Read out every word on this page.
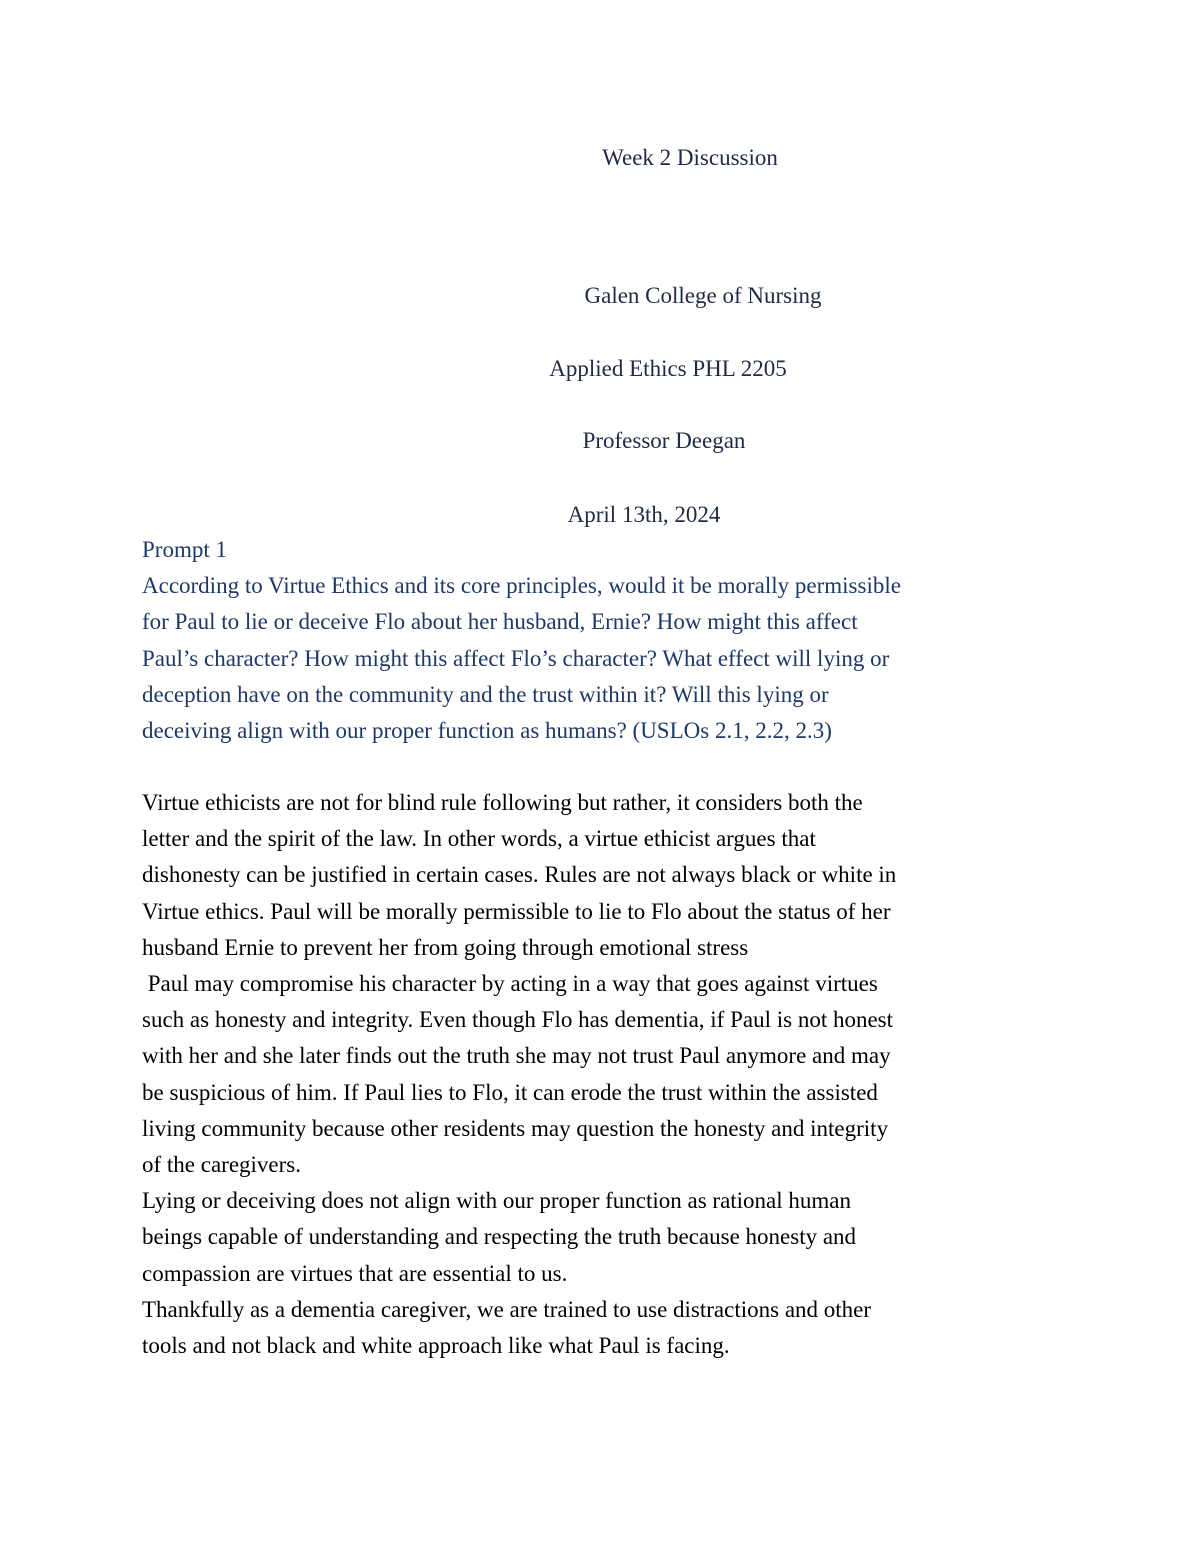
Week 2 Discussion
Galen College of Nursing
Applied Ethics PHL 2205
Professor Deegan
April 13th, 2024
Prompt 1
According to Virtue Ethics and its core principles, would it be morally permissible
for Paul to lie or deceive Flo about her husband, Ernie? How might this affect
Paul’s character? How might this affect Flo’s character? What effect will lying or
deception have on the community and the trust within it? Will this lying or
deceiving align with our proper function as humans? (USLOs 2.1, 2.2, 2.3)
Virtue ethicists are not for blind rule following but rather, it considers both the
letter and the spirit of the law. In other words, a virtue ethicist argues that
dishonesty can be justified in certain cases. Rules are not always black or white in
Virtue ethics. Paul will be morally permissible to lie to Flo about the status of her
husband Ernie to prevent her from going through emotional stress
Paul may compromise his character by acting in a way that goes against virtues
such as honesty and integrity. Even though Flo has dementia, if Paul is not honest
with her and she later finds out the truth she may not trust Paul anymore and may
be suspicious of him. If Paul lies to Flo, it can erode the trust within the assisted
living community because other residents may question the honesty and integrity
of the caregivers.
Lying or deceiving does not align with our proper function as rational human
beings capable of understanding and respecting the truth because honesty and
compassion are virtues that are essential to us.
Thankfully as a dementia caregiver, we are trained to use distractions and other
tools and not black and white approach like what Paul is facing.
